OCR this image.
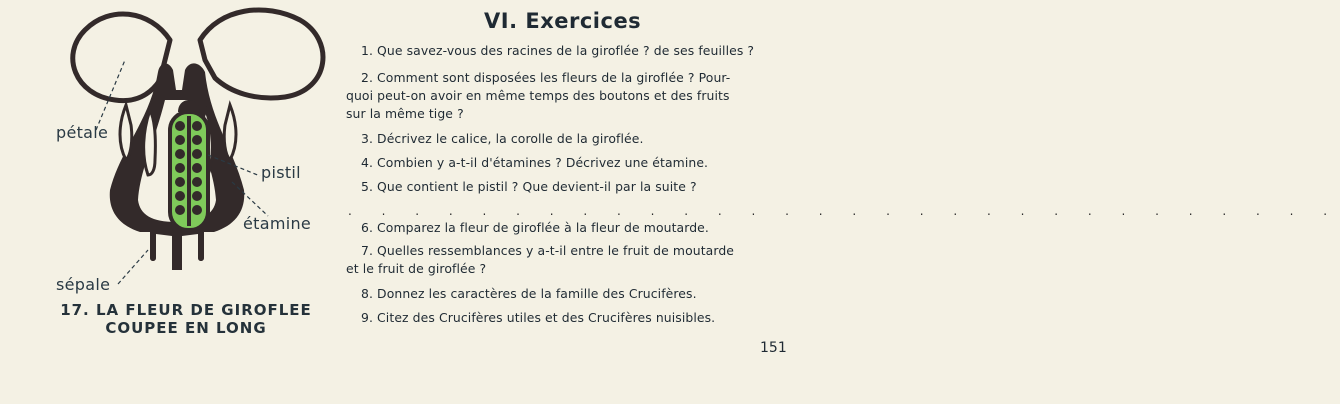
pétale
pistil
étamine
sépale
17. LA FLEUR DE GIROFLEE
COUPEE EN LONG
VI. Exercices
1. Que savez-vous des racines de la giroflée ? de ses feuilles ?
2. Comment sont disposées les fleurs de la giroflée ? Pour-
quoi peut-on avoir en même temps des boutons et des fruits
sur la même tige ?
3. Décrivez le calice, la corolle de la giroflée.
4. Combien y a-t-il d'étamines ? Décrivez une étamine.
5. Que contient le pistil ? Que devient-il par la suite ?
. . . . . . . . . . . . . . . . . . . . . . . . . . . . . .
6. Comparez la fleur de giroflée à la fleur de moutarde.
7. Quelles ressemblances y a-t-il entre le fruit de moutarde
et le fruit de giroflée ?
8. Donnez les caractères de la famille des Crucifères.
9. Citez des Crucifères utiles et des Crucifères nuisibles.
151
